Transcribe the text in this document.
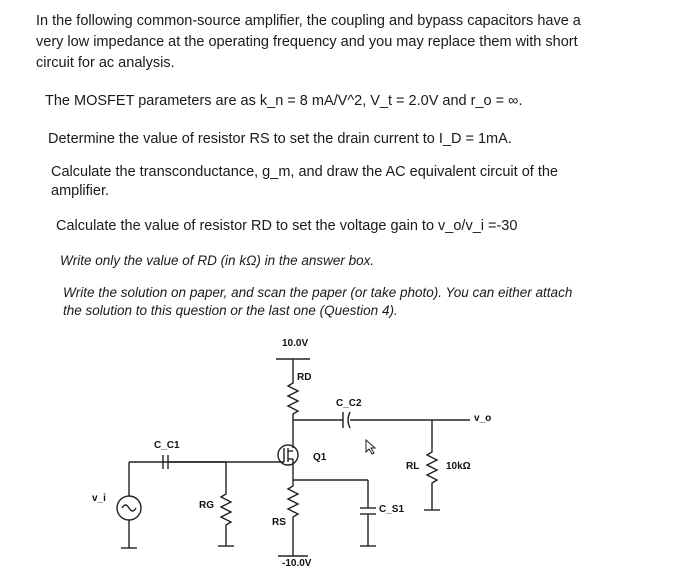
In the following common-source amplifier, the coupling and bypass capacitors have a
very low impedance at the operating frequency and you may replace them with short
circuit for ac analysis.
The MOSFET parameters are as k_n = 8 mA/V^2, V_t = 2.0V and r_o = ∞.
Determine the value of resistor RS to set the drain current to I_D = 1mA.
Calculate the transconductance, g_m, and draw the AC equivalent circuit of the
amplifier.
Calculate the value of resistor RD to set the voltage gain to v_o/v_i =-30
Write only the value of RD (in kΩ) in the answer box.
Write the solution on paper, and scan the paper (or take photo). You can either attach
the solution to this question or the last one (Question 4).
10.0V
RD
C_C2
v_o
C_C1
Q1
RL	10kΩ
v_i
RG
RS
C_S1
-10.0V
